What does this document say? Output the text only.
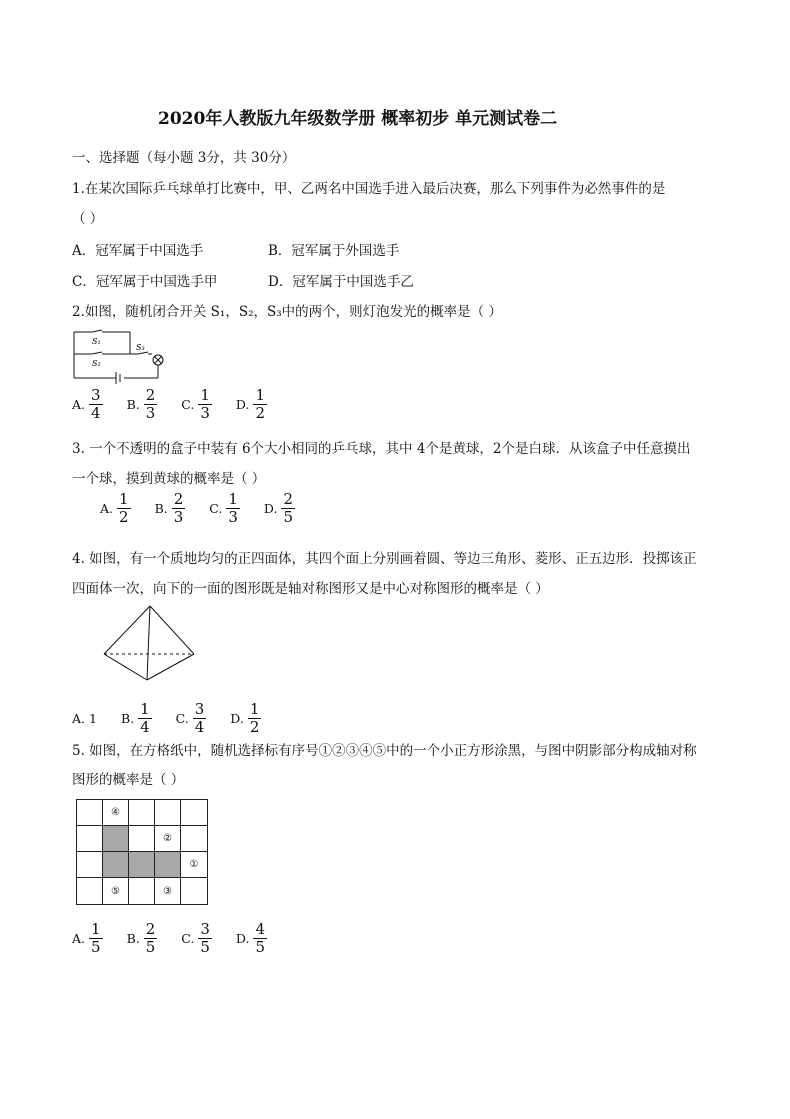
2020年人教版九年级数学册 概率初步 单元测试卷二
一、选择题（每小题 3分，共 30分）
1.在某次国际乒乓球单打比赛中，甲、乙两名中国选手进入最后决赛，那么下列事件为必然事件的是
（ ）
A．冠军属于中国选手	B．冠军属于外国选手
C．冠军属于中国选手甲	D．冠军属于中国选手乙
2.如图，随机闭合开关 S₁，S₂，S₃中的两个，则灯泡发光的概率是（ ）
S₁
S₂
S₃
A. $\frac{3}{4} B$. $\frac{2}{3} C$. $\frac{1}{3} D$. $\frac{1}{2}$
3. 一个不透明的盒子中装有 6个大小相同的乒乓球，其中 4个是黄球，2个是白球．从该盒子中任意摸出
一个球，摸到黄球的概率是（ ）
A. $\frac{1}{2} B$. $\frac{2}{3} C$. $\frac{1}{3} D$. $\frac{2}{5}$
4. 如图，有一个质地均匀的正四面体，其四个面上分别画着圆、等边三角形、菱形、正五边形．投掷该正
四面体一次，向下的一面的图形既是轴对称图形又是中心对称图形的概率是（ ）
A. 1 B. $\frac{1}{4} C$. $\frac{3}{4} D$. $\frac{1}{2}$
5. 如图，在方格纸中，随机选择标有序号①②③④⑤中的一个小正方形涂黑，与图中阴影部分构成轴对称
图形的概率是（ ）
④
②
①
⑤	③
A. $\frac{1}{5} B$. $\frac{2}{5} C$. $\frac{3}{5} D$. $\frac{4}{5}$
